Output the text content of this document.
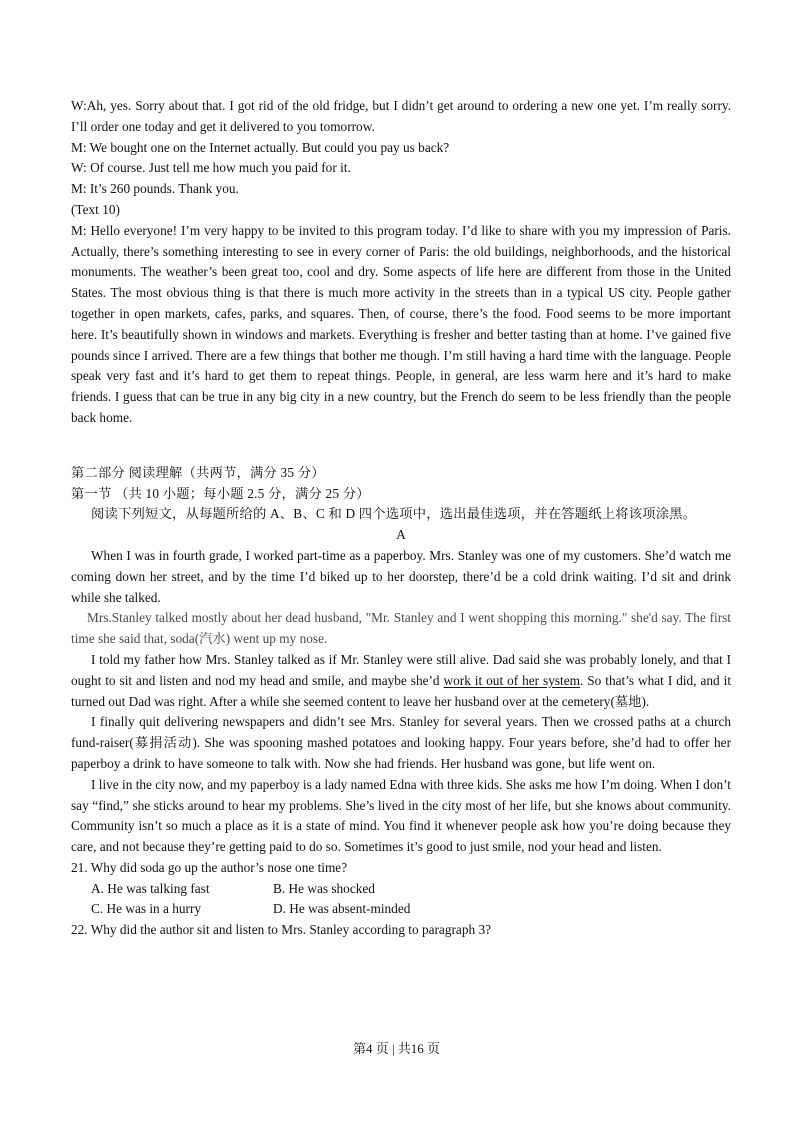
W:Ah, yes. Sorry about that. I got rid of the old fridge, but I didn’t get around to ordering a new one yet. I’m really sorry. I’ll order one today and get it delivered to you tomorrow.

M: We bought one on the Internet actually. But could you pay us back?

W: Of course. Just tell me how much you paid for it.

M: It’s 260 pounds. Thank you.

(Text 10)

M: Hello everyone! I’m very happy to be invited to this program today. I’d like to share with you my impression of Paris. Actually, there’s something interesting to see in every corner of Paris: the old buildings, neighborhoods, and the historical monuments. The weather’s been great too, cool and dry. Some aspects of life here are different from those in the United States. The most obvious thing is that there is much more activity in the streets than in a typical US city. People gather together in open markets, cafes, parks, and squares. Then, of course, there’s the food. Food seems to be more important here. It’s beautifully shown in windows and markets. Everything is fresher and better tasting than at home. I’ve gained five pounds since I arrived. There are a few things that bother me though. I’m still having a hard time with the language. People speak very fast and it’s hard to get them to repeat things. People, in general, are less warm here and it’s hard to make friends. I guess that can be true in any big city in a new country, but the French do seem to be less friendly than the people back home.

第二部分 阅读理解（共两节，满分 35 分）

第一节 （共 10 小题；每小题 2.5 分，满分 25 分）

阅读下列短文，从每题所给的 A、B、C 和 D 四个选项中，选出最佳选项，并在答题纸上将该项涂黑。

A

When I was in fourth grade, I worked part-time as a paperboy. Mrs. Stanley was one of my customers. She’d watch me coming down her street, and by the time I’d biked up to her doorstep, there’d be a cold drink waiting. I’d sit and drink while she talked.

Mrs.Stanley talked mostly about her dead husband, "Mr. Stanley and I went shopping this morning." she'd say. The first time she said that, soda(汽水) went up my nose.

I told my father how Mrs. Stanley talked as if Mr. Stanley were still alive. Dad said she was probably lonely, and that I ought to sit and listen and nod my head and smile, and maybe she’d work it out of her system. So that’s what I did, and it turned out Dad was right. After a while she seemed content to leave her husband over at the cemetery(墓地).

I finally quit delivering newspapers and didn’t see Mrs. Stanley for several years. Then we crossed paths at a church fund-raiser(募捐活动). She was spooning mashed potatoes and looking happy. Four years before, she’d had to offer her paperboy a drink to have someone to talk with. Now she had friends. Her husband was gone, but life went on.

I live in the city now, and my paperboy is a lady named Edna with three kids. She asks me how I’m doing. When I don’t say “find,” she sticks around to hear my problems. She’s lived in the city most of her life, but she knows about community. Community isn’t so much a place as it is a state of mind. You find it whenever people ask how you’re doing because they care, and not because they’re getting paid to do so. Sometimes it’s good to just smile, nod your head and listen.

21. Why did soda go up the author’s nose one time?

A. He was talking fast	B. He was shocked
C. He was in a hurry	D. He was absent-minded

22. Why did the author sit and listen to Mrs. Stanley according to paragraph 3?

第4 页 | 共16 页
